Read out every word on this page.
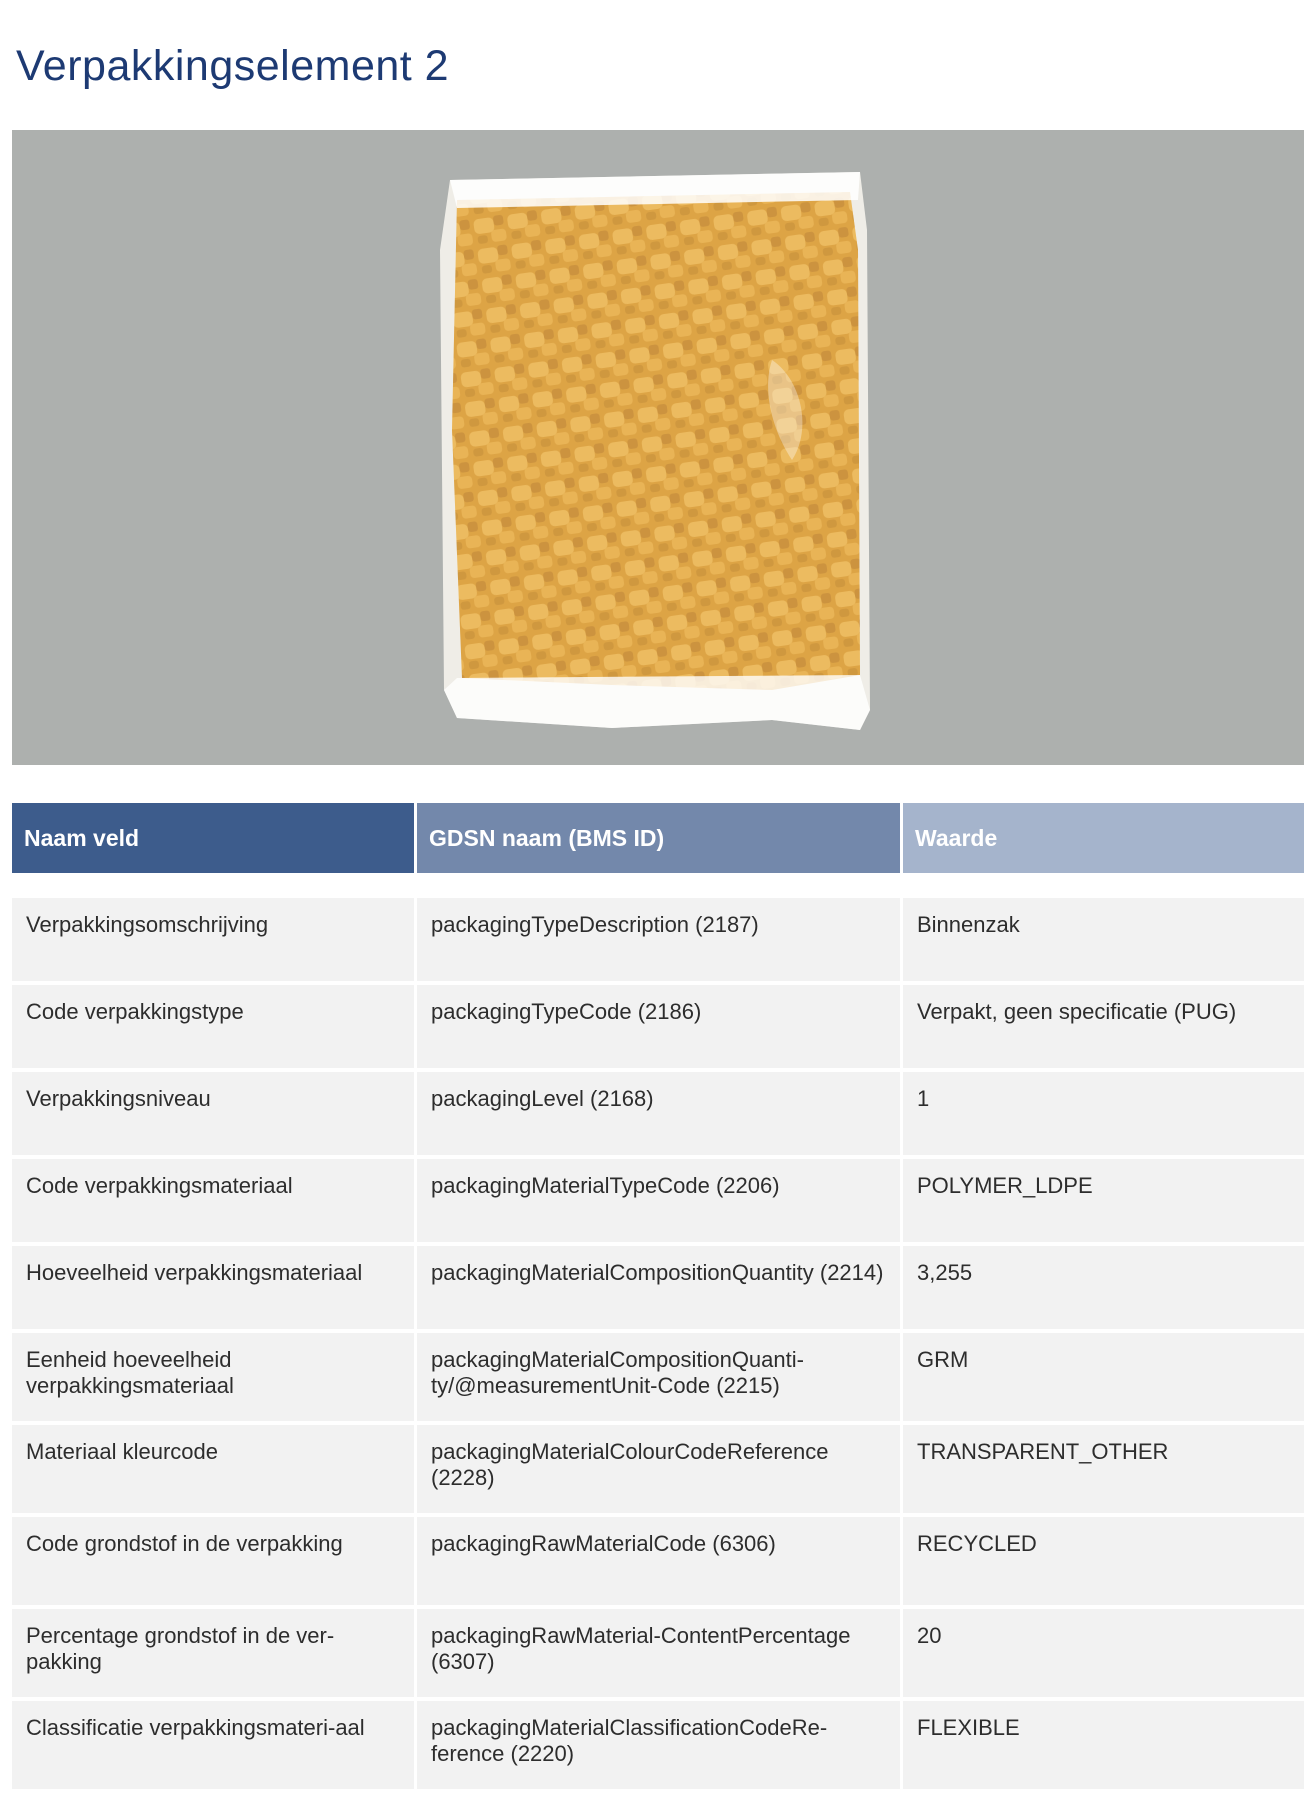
Verpakkingselement 2
Naam veld	GDSN naam (BMS ID)	Waarde

Verpakkingsomschrijving	packagingTypeDescription (2187)	Binnenzak
Code verpakkingstype	packagingTypeCode (2186)	Verpakt, geen specificatie (PUG)
Verpakkingsniveau	packagingLevel (2168)	1
Code verpakkingsmateriaal	packagingMaterialTypeCode (2206)	POLYMER_LDPE
Hoeveelheid verpakkingsmateriaal	packagingMaterialCompositionQuantity (2214)	3,255
Eenheid hoeveelheid verpakkingsmateriaal	packagingMaterialCompositionQuanti-ty/@measurementUnit-Code (2215)	GRM
Materiaal kleurcode	packagingMaterialColourCodeReference (2228)	TRANSPARENT_OTHER
Code grondstof in de verpakking	packagingRawMaterialCode (6306)	RECYCLED
Percentage grondstof in de ver-pakking	packagingRawMaterial-ContentPercentage (6307)	20
Classificatie verpakkingsmateri-aal	packagingMaterialClassificationCodeRe-ference (2220)	FLEXIBLE
